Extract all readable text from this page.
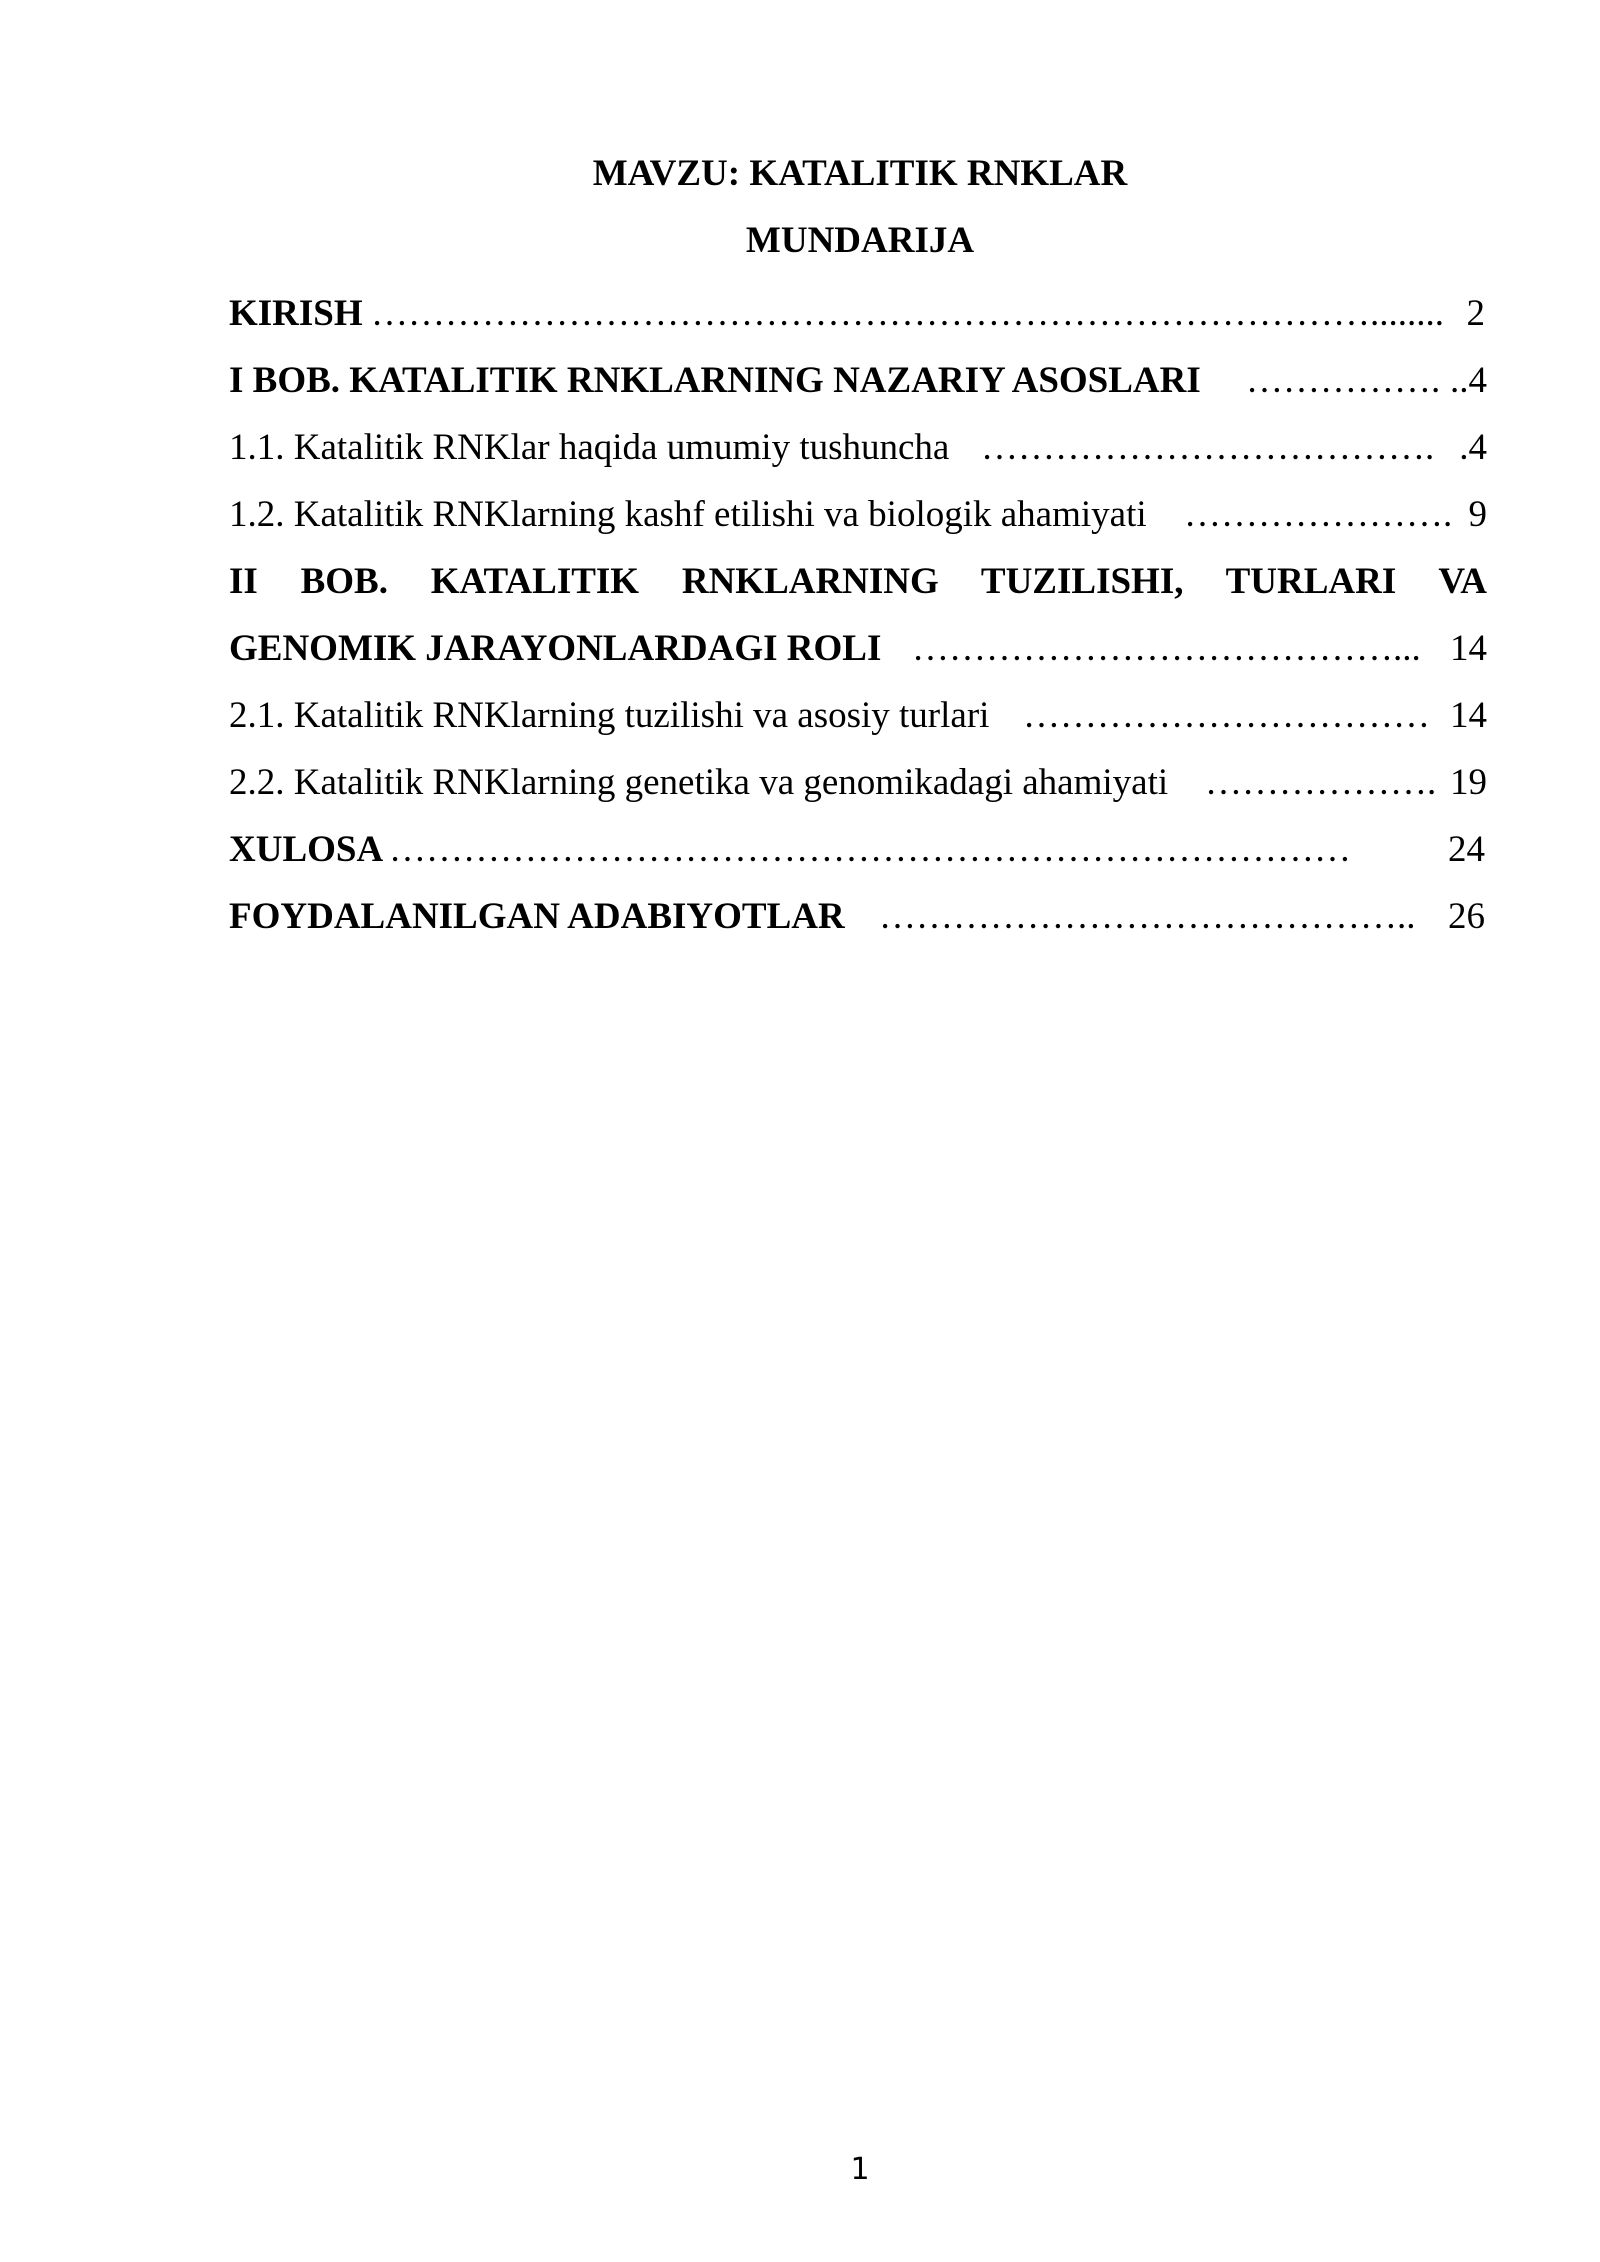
MAVZU: KATALITIK RNKLAR
MUNDARIJA
KIRISH ………………………………………………………………………........ 2
I BOB. KATALITIK RNKLARNING NAZARIY ASOSLARI ……………. ..4
1.1. Katalitik RNKlar haqida umumiy tushuncha ………………………………. .4
1.2. Katalitik RNKlarning kashf etilishi va biologik ahamiyati …………………. 9
II BOB. KATALITIK RNKLARNING TUZILISHI, TURLARI VA
GENOMIK JARAYONLARDAGI ROLI …………………………………... 14
2.1. Katalitik RNKlarning tuzilishi va asosiy turlari …………………………… 14
2.2. Katalitik RNKlarning genetika va genomikadagi ahamiyati ………………. 19
XULOSA ……………………………………………………………………	24
FOYDALANILGAN ADABIYOTLAR …………………………………….. 26
1
